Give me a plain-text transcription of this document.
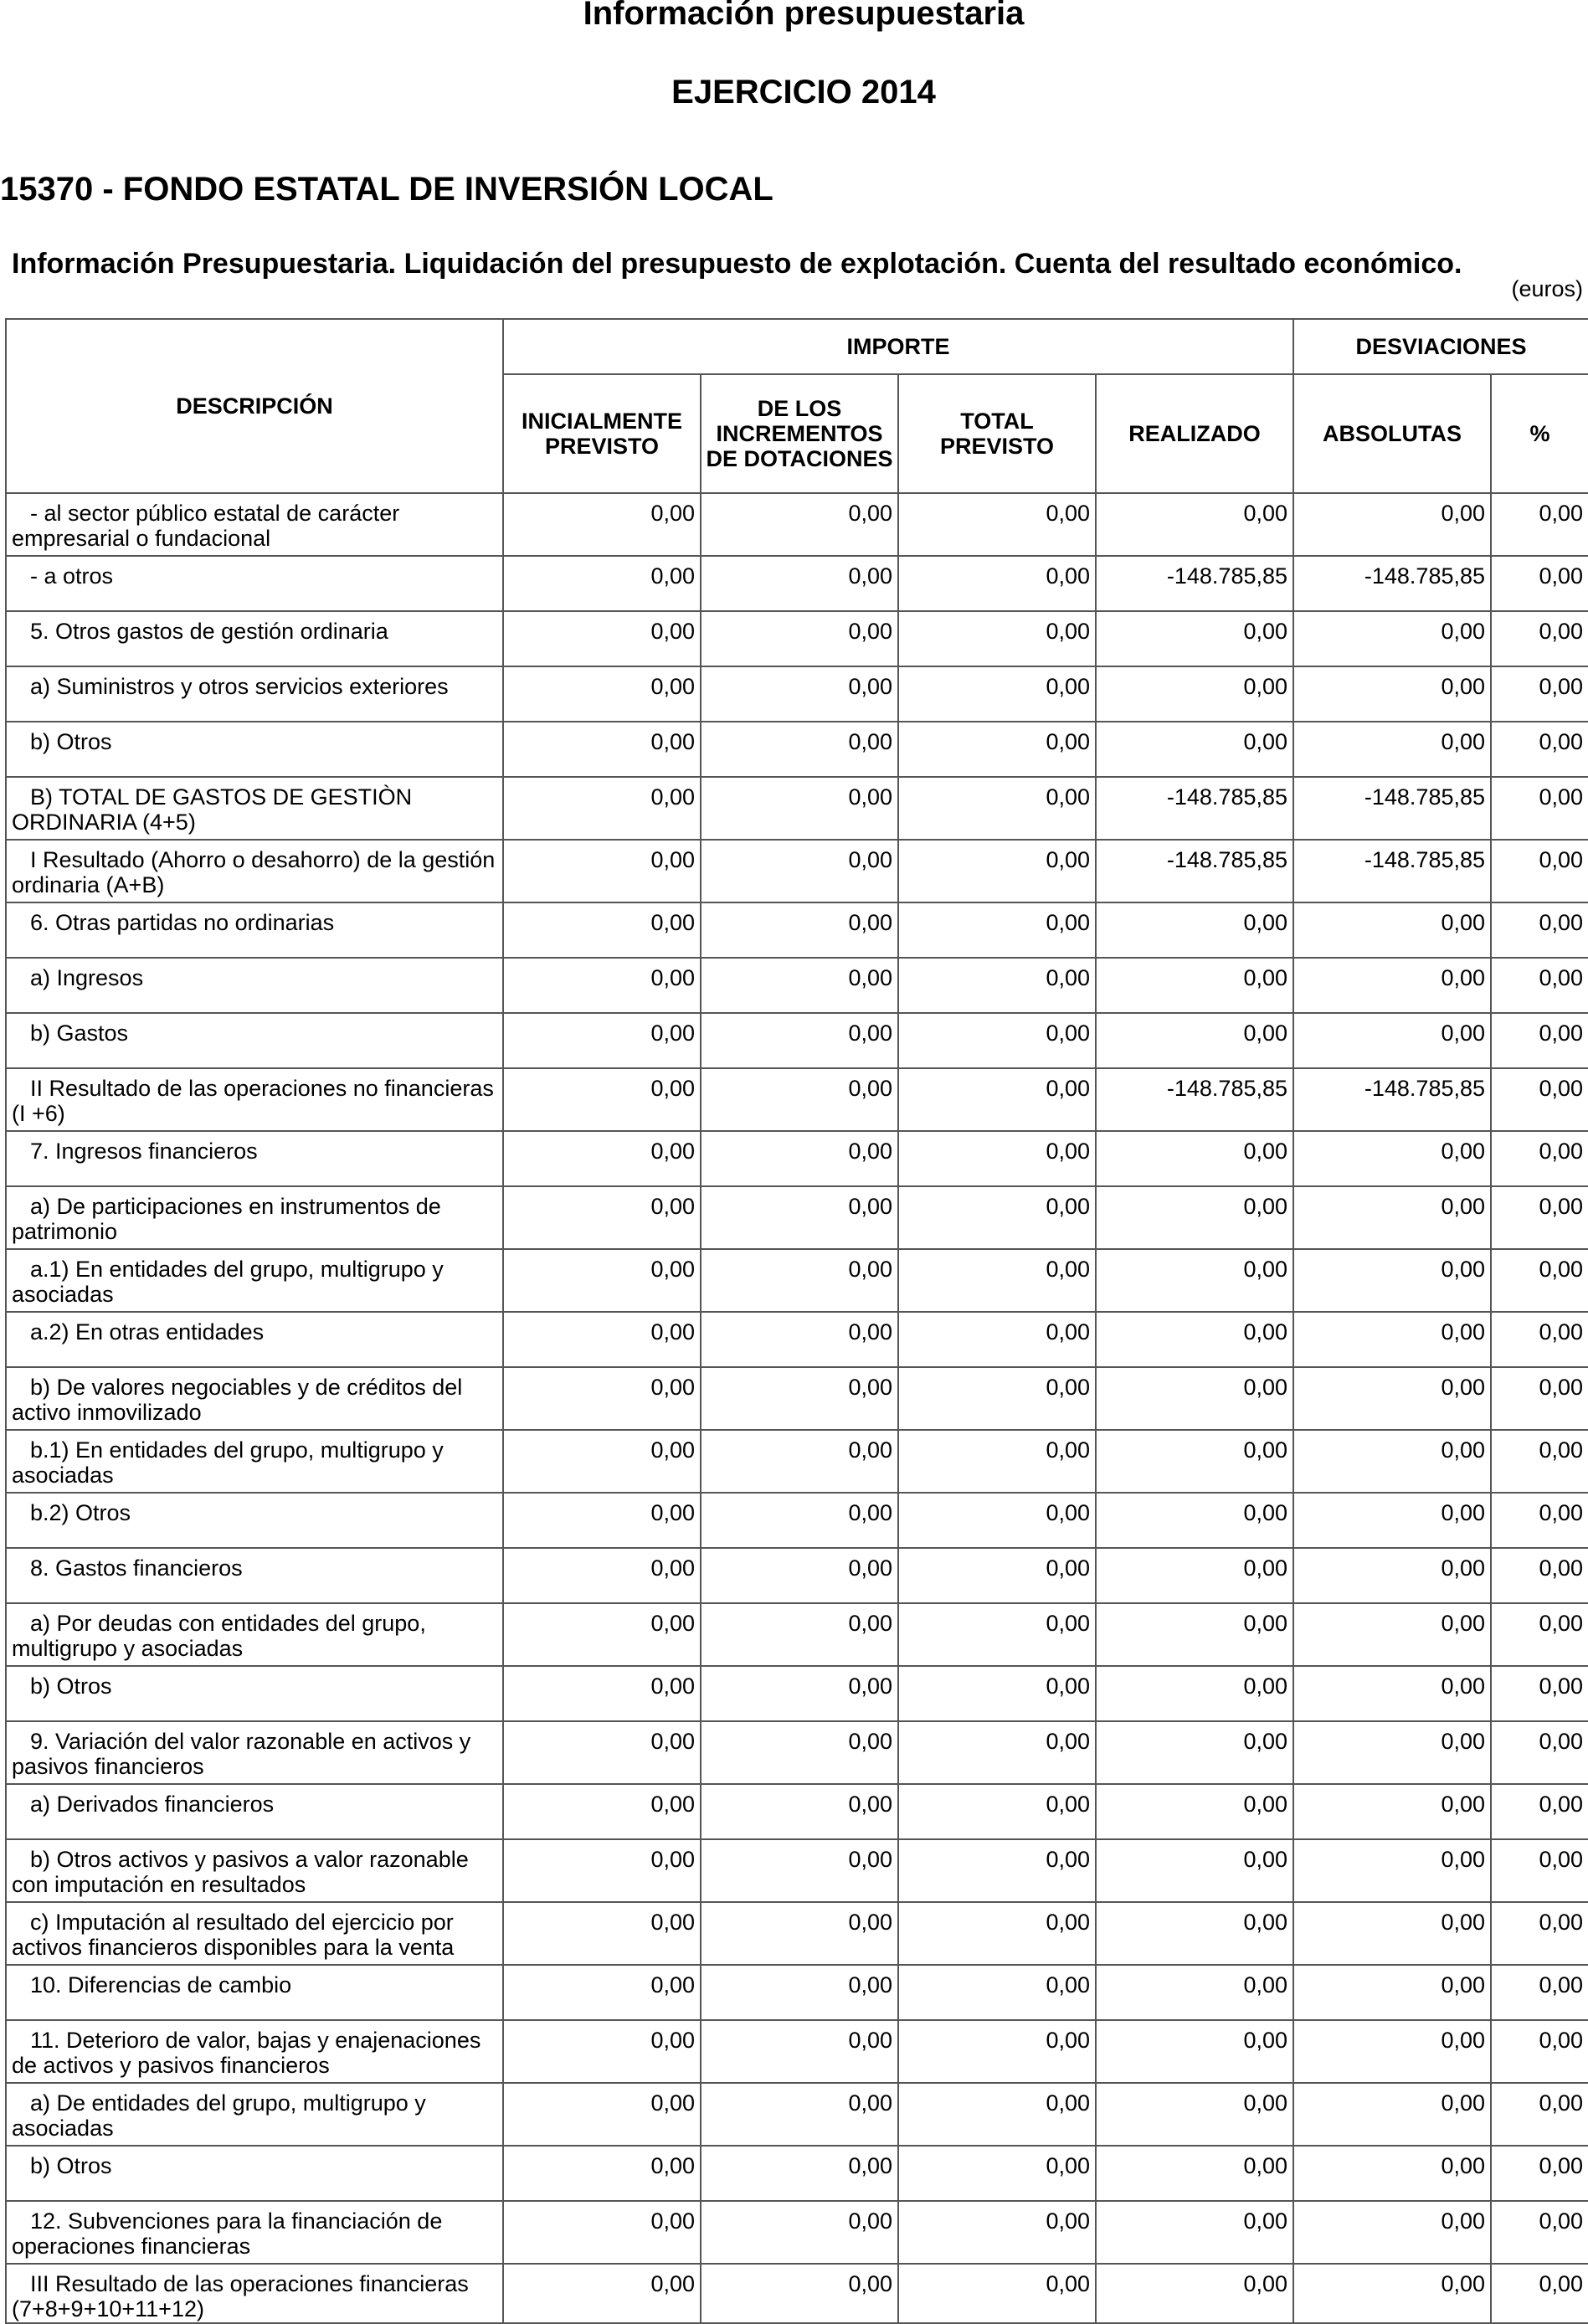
Información presupuestaria
EJERCICIO 2014
15370 - FONDO ESTATAL DE INVERSIÓN LOCAL
Información Presupuestaria. Liquidación del presupuesto de explotación. Cuenta del resultado económico.
(euros)
DESCRIPCIÓN	IMPORTE				DESVIACIONES	
	INICIALMENTE PREVISTO	DE LOS INCREMENTOS DE DOTACIONES	TOTAL PREVISTO	REALIZADO	ABSOLUTAS	%

- al sector público estatal de carácter empresarial o fundacional	0,00	0,00	0,00	0,00	0,00	0,00

- a otros	0,00	0,00	0,00	-148.785,85	-148.785,85	0,00

5. Otros gastos de gestión ordinaria	0,00	0,00	0,00	0,00	0,00	0,00

a) Suministros y otros servicios exteriores	0,00	0,00	0,00	0,00	0,00	0,00

b) Otros	0,00	0,00	0,00	0,00	0,00	0,00

B) TOTAL DE GASTOS DE GESTIÒN ORDINARIA (4+5)	0,00	0,00	0,00	-148.785,85	-148.785,85	0,00

I Resultado (Ahorro o desahorro) de la gestión ordinaria (A+B)	0,00	0,00	0,00	-148.785,85	-148.785,85	0,00

6. Otras partidas no ordinarias	0,00	0,00	0,00	0,00	0,00	0,00

a) Ingresos	0,00	0,00	0,00	0,00	0,00	0,00

b) Gastos	0,00	0,00	0,00	0,00	0,00	0,00

II Resultado de las operaciones no financieras (I +6)	0,00	0,00	0,00	-148.785,85	-148.785,85	0,00

7. Ingresos financieros	0,00	0,00	0,00	0,00	0,00	0,00

a) De participaciones en instrumentos de patrimonio	0,00	0,00	0,00	0,00	0,00	0,00

a.1) En entidades del grupo, multigrupo y asociadas	0,00	0,00	0,00	0,00	0,00	0,00

a.2) En otras entidades	0,00	0,00	0,00	0,00	0,00	0,00

b) De valores negociables y de créditos del activo inmovilizado	0,00	0,00	0,00	0,00	0,00	0,00

b.1) En entidades del grupo, multigrupo y asociadas	0,00	0,00	0,00	0,00	0,00	0,00

b.2) Otros	0,00	0,00	0,00	0,00	0,00	0,00

8. Gastos financieros	0,00	0,00	0,00	0,00	0,00	0,00

a) Por deudas con entidades del grupo, multigrupo y asociadas	0,00	0,00	0,00	0,00	0,00	0,00

b) Otros	0,00	0,00	0,00	0,00	0,00	0,00

9. Variación del valor razonable en activos y pasivos financieros	0,00	0,00	0,00	0,00	0,00	0,00

a) Derivados financieros	0,00	0,00	0,00	0,00	0,00	0,00

b) Otros activos y pasivos a valor razonable con imputación en resultados	0,00	0,00	0,00	0,00	0,00	0,00

c) Imputación al resultado del ejercicio por activos financieros disponibles para la venta	0,00	0,00	0,00	0,00	0,00	0,00

10. Diferencias de cambio	0,00	0,00	0,00	0,00	0,00	0,00

11. Deterioro de valor, bajas y enajenaciones de activos y pasivos financieros	0,00	0,00	0,00	0,00	0,00	0,00

a) De entidades del grupo, multigrupo y asociadas	0,00	0,00	0,00	0,00	0,00	0,00

b) Otros	0,00	0,00	0,00	0,00	0,00	0,00

12. Subvenciones para la financiación de operaciones financieras	0,00	0,00	0,00	0,00	0,00	0,00

III Resultado de las operaciones financieras (7+8+9+10+11+12)	0,00	0,00	0,00	0,00	0,00	0,00
